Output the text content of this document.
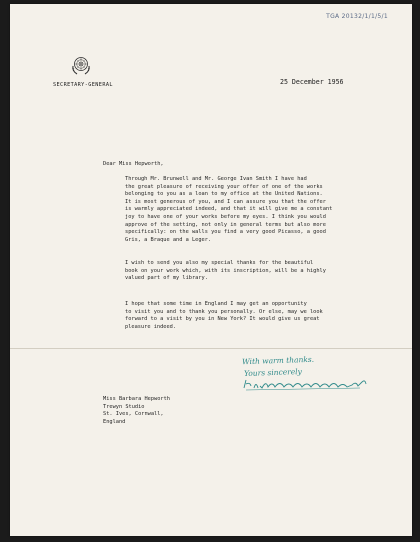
TGA 20132/1/1/5/1
SECRETARY-GENERAL	25 December 1956
Dear Miss Hepworth,
Through Mr. Brunwell and Mr. George Ivan Smith I have had
the great pleasure of receiving your offer of one of the works
belonging to you as a loan to my office at the United Nations.
It is most generous of you, and I can assure you that the offer
is warmly appreciated indeed, and that it will give me a constant
joy to have one of your works before my eyes. I think you would
approve of the setting, not only in general terms but also more
specifically: on the walls you find a very good Picasso, a good
Gris, a Braque and a Leger.
I wish to send you also my special thanks for the beautiful
book on your work which, with its inscription, will be a highly
valued part of my library.
I hope that some time in England I may get an opportunity
to visit you and to thank you personally. Or else, may we look
forward to a visit by you in New York? It would give us great
pleasure indeed.
With warm thanks.
Yours sincerely
Miss Barbara Hepworth
Trewyn Studio
St. Ives, Cornwall,
England
